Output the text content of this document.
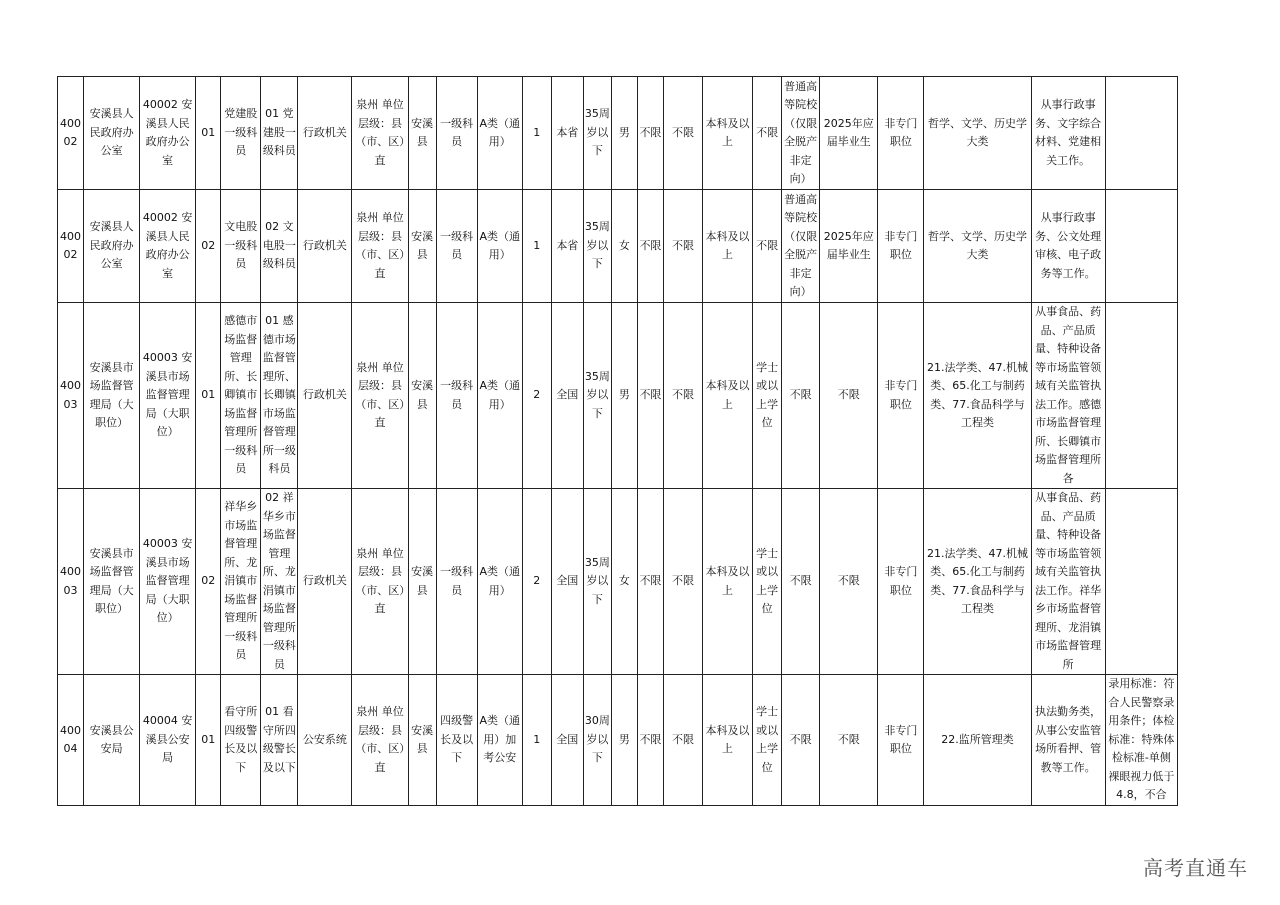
40002	安溪县人民政府办公室	40002 安溪县人民政府办公室	01	党建股一级科员	01 党建股一级科员	行政机关	泉州 单位层级：县（市、区）直	安溪县	一级科员	A类（通用）	1	本省	35周岁以下	男	不限	不限	本科及以上	不限	普通高等院校（仅限全脱产非定向）	2025年应届毕业生	非专门职位	哲学、文学、历史学大类	从事行政事务、文字综合材料、党建相关工作。	
40002	安溪县人民政府办公室	40002 安溪县人民政府办公室	02	文电股一级科员	02 文电股一级科员	行政机关	泉州 单位层级：县（市、区）直	安溪县	一级科员	A类（通用）	1	本省	35周岁以下	女	不限	不限	本科及以上	不限	普通高等院校（仅限全脱产非定向）	2025年应届毕业生	非专门职位	哲学、文学、历史学大类	从事行政事务、公文处理审核、电子政务等工作。	
40003	安溪县市场监督管理局（大职位）	40003 安溪县市场监督管理局（大职位）	01	感德市场监督管理所、长卿镇市场监督管理所一级科员	01 感德市场监督管理所、长卿镇市场监督管理所一级科员	行政机关	泉州 单位层级：县（市、区）直	安溪县	一级科员	A类（通用）	2	全国	35周岁以下	男	不限	不限	本科及以上	学士或以上学位	不限	不限	非专门职位	21.法学类、47.机械类、65.化工与制药类、77.食品科学与工程类	从事食品、药品、产品质量、特种设备等市场监管领域有关监管执法工作。感德市场监督管理所、长卿镇市场监督管理所各	
40003	安溪县市场监督管理局（大职位）	40003 安溪县市场监督管理局（大职位）	02	祥华乡市场监督管理所、龙涓镇市场监督管理所一级科员	02 祥华乡市场监督管理所、龙涓镇市场监督管理所一级科员	行政机关	泉州 单位层级：县（市、区）直	安溪县	一级科员	A类（通用）	2	全国	35周岁以下	女	不限	不限	本科及以上	学士或以上学位	不限	不限	非专门职位	21.法学类、47.机械类、65.化工与制药类、77.食品科学与工程类	从事食品、药品、产品质量、特种设备等市场监管领域有关监管执法工作。祥华乡市场监督管理所、龙涓镇市场监督管理所	
40004	安溪县公安局	40004 安溪县公安局	01	看守所四级警长及以下	01 看守所四级警长及以下	公安系统	泉州 单位层级：县（市、区）直	安溪县	四级警长及以下	A类（通用）加考公安	1	全国	30周岁以下	男	不限	不限	本科及以上	学士或以上学位	不限	不限	非专门职位	22.监所管理类	执法勤务类，从事公安监管场所看押、管教等工作。	录用标准：符合人民警察录用条件；体检标准：特殊体检标准-单侧裸眼视力低于4.8，不合
高考直通车
